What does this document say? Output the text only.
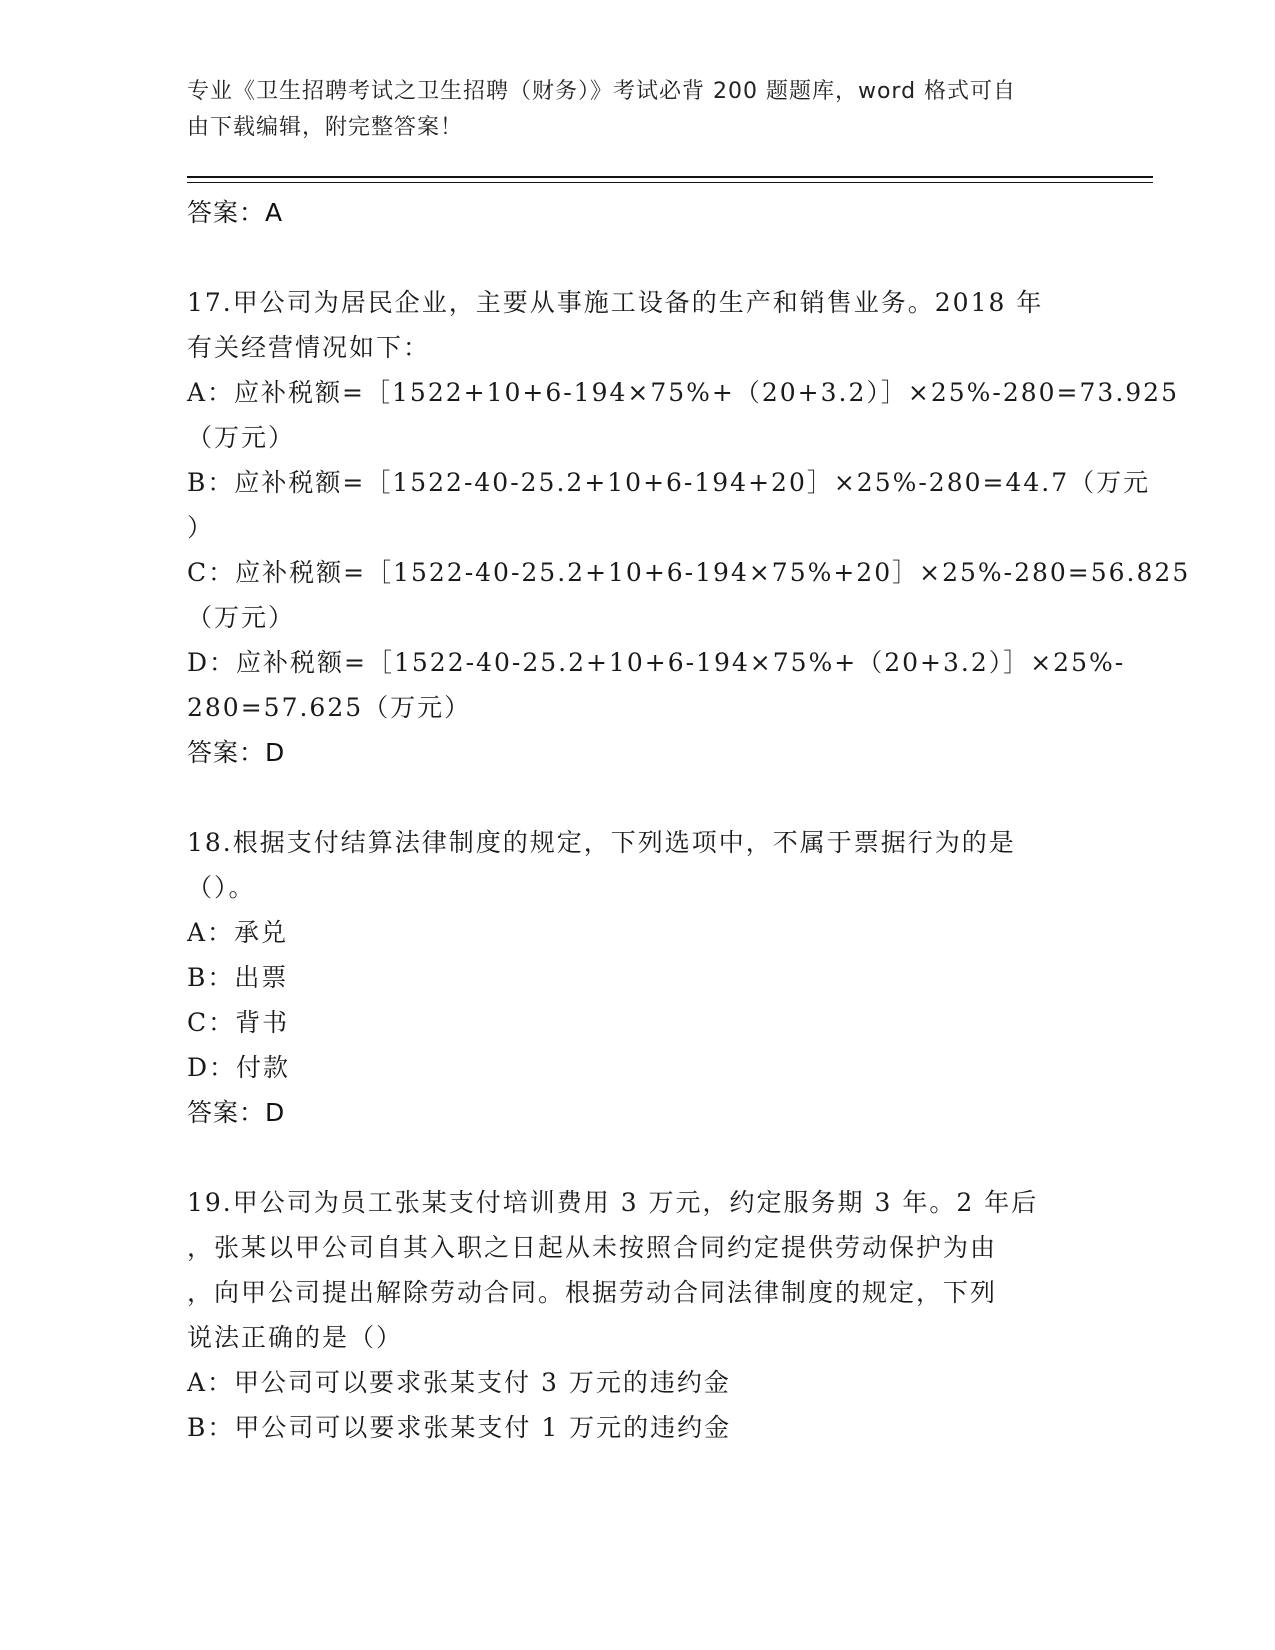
专业《卫生招聘考试之卫生招聘（财务）》考试必背 200 题题库，word 格式可自
由下载编辑，附完整答案！
答案：A
17.甲公司为居民企业，主要从事施工设备的生产和销售业务。2018 年
有关经营情况如下：
A：应补税额=［1522+10+6-194×75%+（20+3.2）］×25%-280=73.925
（万元）
B：应补税额=［1522-40-25.2+10+6-194+20］×25%-280=44.7（万元
）
C：应补税额=［1522-40-25.2+10+6-194×75%+20］×25%-280=56.825
（万元）
D：应补税额=［1522-40-25.2+10+6-194×75%+（20+3.2）］×25%-
280=57.625（万元）
答案：D
18.根据支付结算法律制度的规定，下列选项中，不属于票据行为的是
（）。
A：承兑
B：出票
C：背书
D：付款
答案：D
19.甲公司为员工张某支付培训费用 3 万元，约定服务期 3 年。2 年后
，张某以甲公司自其入职之日起从未按照合同约定提供劳动保护为由
，向甲公司提出解除劳动合同。根据劳动合同法律制度的规定，下列
说法正确的是（）
A：甲公司可以要求张某支付 3 万元的违约金
B：甲公司可以要求张某支付 1 万元的违约金
